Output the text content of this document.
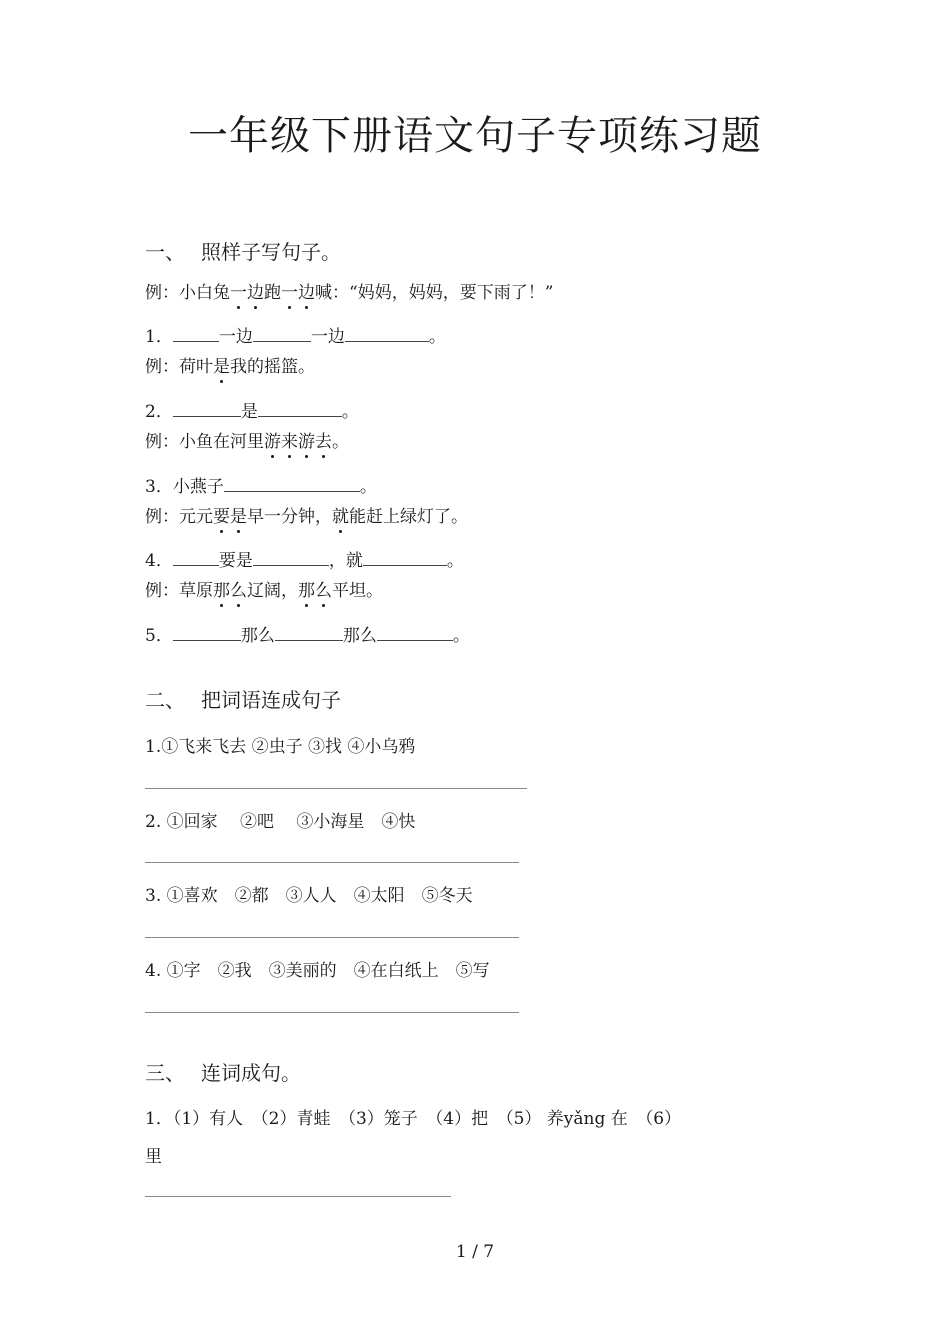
一年级下册语文句子专项练习题
一、 照样子写句子。
例：小白兔一边跑一边喊：“妈妈，妈妈，要下雨了！”
1．	一边	一边	。
例：荷叶是我的摇篮。
2．	是	。
例：小鱼在河里游来游去。
3．小燕子	。
例：元元要是早一分钟，就能赶上绿灯了。
4．	要是	，就	。
例：草原那么辽阔，那么平坦。
5．	那么	那么	。
二、 把词语连成句子
1.①飞来飞去 ②虫子 ③找 ④小乌鸦
2. ①回家　 ②吧　 ③小海星　④快
3. ①喜欢　②都　③人人　④太阳　⑤冬天
4. ①字　②我　③美丽的　④在白纸上　⑤写
三、 连词成句。
1．（1）有人　（2）青蛙　（3）笼子　（4）把　（5） 养yǎng 在　（6）
里
1 / 7
